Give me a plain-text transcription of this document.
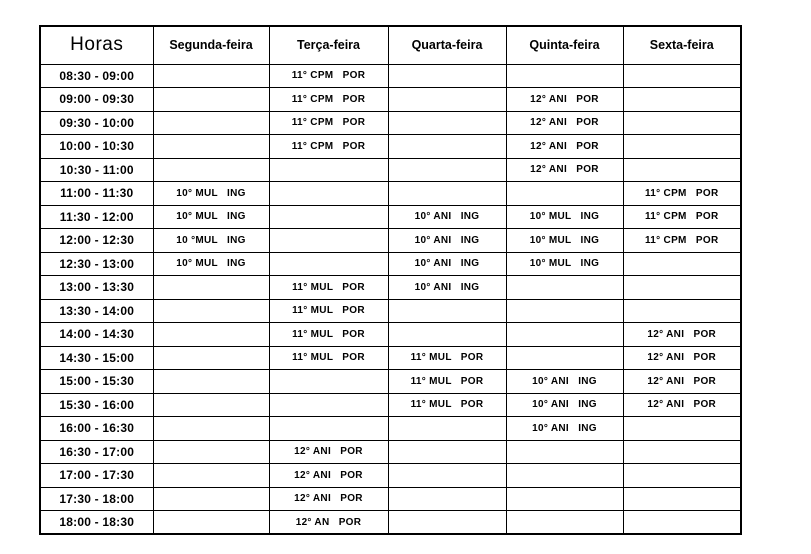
Horas	Segunda-feira	Terça-feira	Quarta-feira	Quinta-feira	Sexta-feira
08:30 - 09:00		11° CPM   POR			
09:00 - 09:30		11° CPM   POR		12° ANI   POR	
09:30 - 10:00		11° CPM   POR		12° ANI   POR	
10:00 - 10:30		11° CPM   POR		12° ANI   POR	
10:30 - 11:00				12° ANI   POR	
11:00 - 11:30	10° MUL   ING				11° CPM   POR
11:30 - 12:00	10° MUL   ING		10° ANI   ING	10° MUL   ING	11° CPM   POR
12:00 - 12:30	10 °MUL   ING		10° ANI   ING	10° MUL   ING	11° CPM   POR
12:30 - 13:00	10° MUL   ING		10° ANI   ING	10° MUL   ING	
13:00 - 13:30		11° MUL   POR	10° ANI   ING		
13:30 - 14:00		11° MUL   POR			
14:00 - 14:30		11° MUL   POR			12° ANI   POR
14:30 - 15:00		11° MUL   POR	11° MUL   POR		12° ANI   POR
15:00 - 15:30			11° MUL   POR	10° ANI   ING	12° ANI   POR
15:30 - 16:00			11° MUL   POR	10° ANI   ING	12° ANI   POR
16:00 - 16:30				10° ANI   ING	
16:30 - 17:00		12° ANI   POR			
17:00 - 17:30		12° ANI   POR			
17:30 - 18:00		12° ANI   POR			
18:00 - 18:30		12° AN   POR			
